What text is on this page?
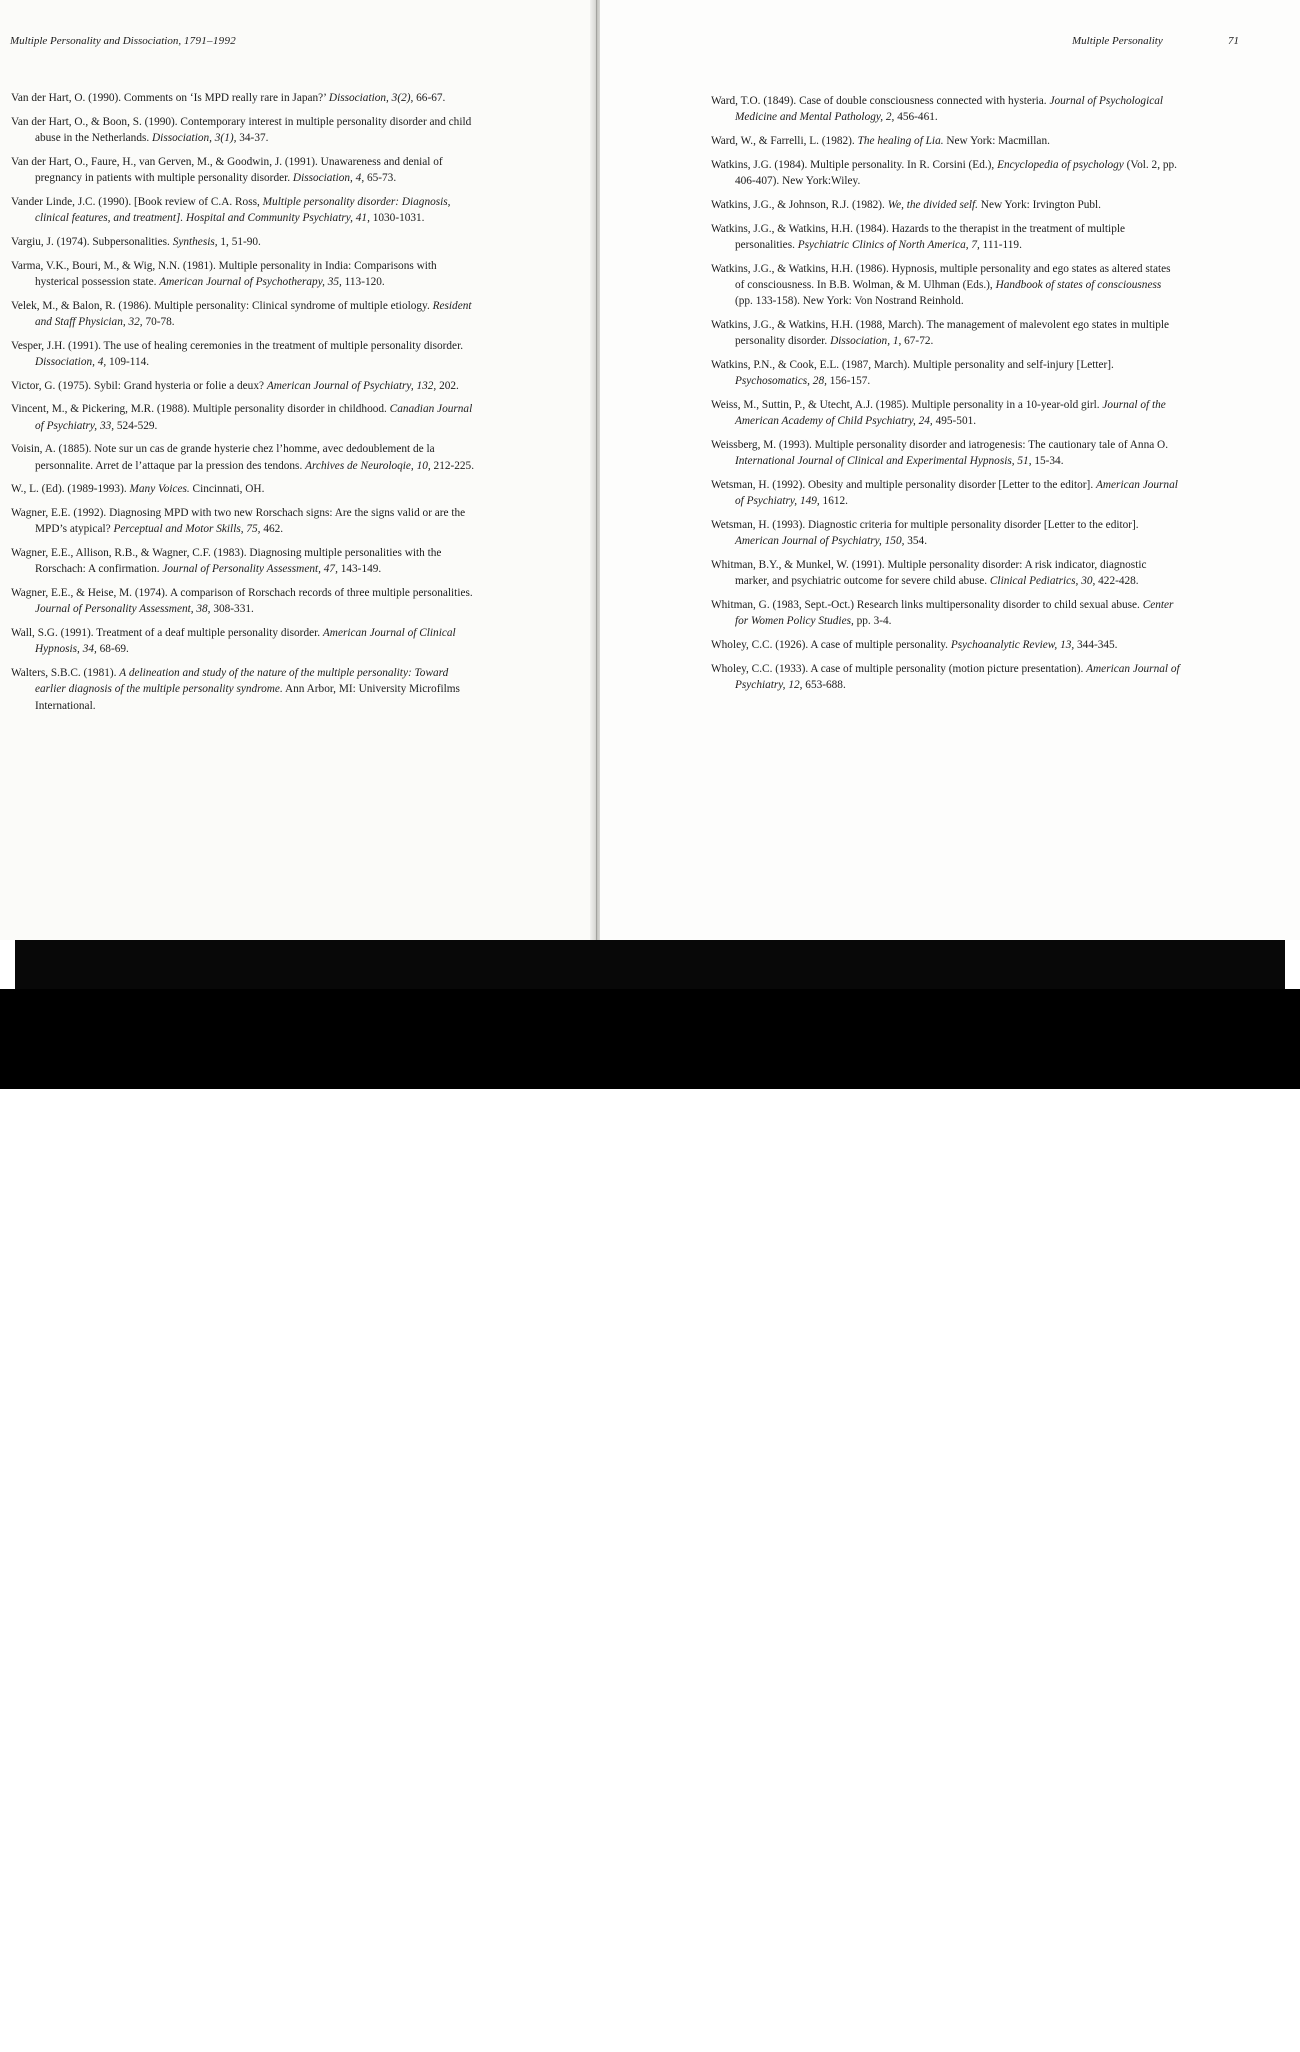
Multiple Personality and Dissociation, 1791–1992

Van der Hart, O. (1990). Comments on ‘Is MPD really rare in Japan?’ Dissociation, 3(2), 66-67.

Van der Hart, O., & Boon, S. (1990). Contemporary interest in multiple personality disorder and child abuse in the Netherlands. Dissociation, 3(1), 34-37.

Van der Hart, O., Faure, H., van Gerven, M., & Goodwin, J. (1991). Unawareness and denial of pregnancy in patients with multiple personality disorder. Dissociation, 4, 65-73.

Vander Linde, J.C. (1990). [Book review of C.A. Ross, Multiple personality disorder: Diagnosis, clinical features, and treatment]. Hospital and Community Psychiatry, 41, 1030-1031.

Vargiu, J. (1974). Subpersonalities. Synthesis, 1, 51-90.

Varma, V.K., Bouri, M., & Wig, N.N. (1981). Multiple personality in India: Comparisons with hysterical possession state. American Journal of Psychotherapy, 35, 113-120.

Velek, M., & Balon, R. (1986). Multiple personality: Clinical syndrome of multiple etiology. Resident and Staff Physician, 32, 70-78.

Vesper, J.H. (1991). The use of healing ceremonies in the treatment of multiple personality disorder. Dissociation, 4, 109-114.

Victor, G. (1975). Sybil: Grand hysteria or folie a deux? American Journal of Psychiatry, 132, 202.

Vincent, M., & Pickering, M.R. (1988). Multiple personality disorder in childhood. Canadian Journal of Psychiatry, 33, 524-529.

Voisin, A. (1885). Note sur un cas de grande hysterie chez l’homme, avec dedoublement de la personnalite. Arret de l’attaque par la pression des tendons. Archives de Neuroloqie, 10, 212-225.

W., L. (Ed). (1989-1993). Many Voices. Cincinnati, OH.

Wagner, E.E. (1992). Diagnosing MPD with two new Rorschach signs: Are the signs valid or are the MPD’s atypical? Perceptual and Motor Skills, 75, 462.

Wagner, E.E., Allison, R.B., & Wagner, C.F. (1983). Diagnosing multiple personalities with the Rorschach: A confirmation. Journal of Personality Assessment, 47, 143-149.

Wagner, E.E., & Heise, M. (1974). A comparison of Rorschach records of three multiple personalities. Journal of Personality Assessment, 38, 308-331.

Wall, S.G. (1991). Treatment of a deaf multiple personality disorder. American Journal of Clinical Hypnosis, 34, 68-69.

Walters, S.B.C. (1981). A delineation and study of the nature of the multiple personality: Toward earlier diagnosis of the multiple personality syndrome. Ann Arbor, MI: University Microfilms International.

Multiple Personality	71

Ward, T.O. (1849). Case of double consciousness connected with hysteria. Journal of Psychological Medicine and Mental Pathology, 2, 456-461.

Ward, W., & Farrelli, L. (1982). The healing of Lia. New York: Macmillan.

Watkins, J.G. (1984). Multiple personality. In R. Corsini (Ed.), Encyclopedia of psychology (Vol. 2, pp. 406-407). New York:Wiley.

Watkins, J.G., & Johnson, R.J. (1982). We, the divided self. New York: Irvington Publ.

Watkins, J.G., & Watkins, H.H. (1984). Hazards to the therapist in the treatment of multiple personalities. Psychiatric Clinics of North America, 7, 111-119.

Watkins, J.G., & Watkins, H.H. (1986). Hypnosis, multiple personality and ego states as altered states of consciousness. In B.B. Wolman, & M. Ulhman (Eds.), Handbook of states of consciousness (pp. 133-158). New York: Von Nostrand Reinhold.

Watkins, J.G., & Watkins, H.H. (1988, March). The management of malevolent ego states in multiple personality disorder. Dissociation, 1, 67-72.

Watkins, P.N., & Cook, E.L. (1987, March). Multiple personality and self-injury [Letter]. Psychosomatics, 28, 156-157.

Weiss, M., Suttin, P., & Utecht, A.J. (1985). Multiple personality in a 10-year-old girl. Journal of the American Academy of Child Psychiatry, 24, 495-501.

Weissberg, M. (1993). Multiple personality disorder and iatrogenesis: The cautionary tale of Anna O. International Journal of Clinical and Experimental Hypnosis, 51, 15-34.

Wetsman, H. (1992). Obesity and multiple personality disorder [Letter to the editor]. American Journal of Psychiatry, 149, 1612.

Wetsman, H. (1993). Diagnostic criteria for multiple personality disorder [Letter to the editor]. American Journal of Psychiatry, 150, 354.

Whitman, B.Y., & Munkel, W. (1991). Multiple personality disorder: A risk indicator, diagnostic marker, and psychiatric outcome for severe child abuse. Clinical Pediatrics, 30, 422-428.

Whitman, G. (1983, Sept.-Oct.) Research links multipersonality disorder to child sexual abuse. Center for Women Policy Studies, pp. 3-4.

Wholey, C.C. (1926). A case of multiple personality. Psychoanalytic Review, 13, 344-345.

Wholey, C.C. (1933). A case of multiple personality (motion picture presentation). American Journal of Psychiatry, 12, 653-688.

alamy	3APJRPE
www.alamy.com
